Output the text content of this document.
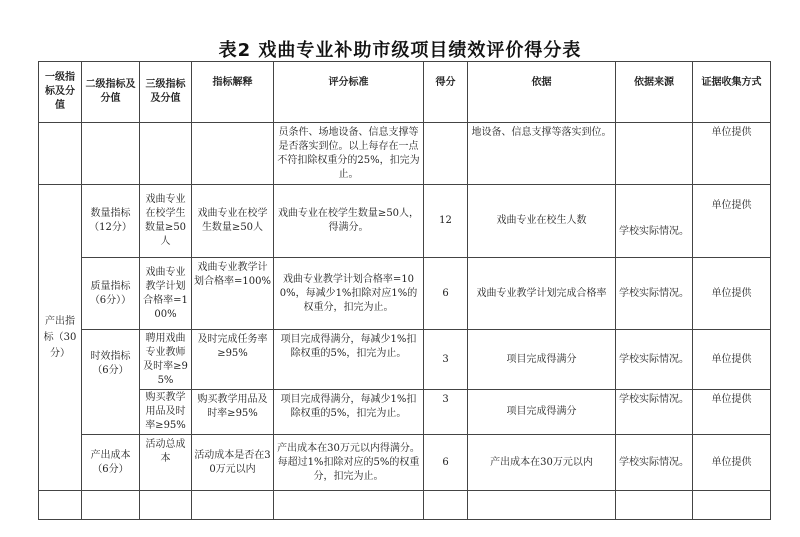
表2 戏曲专业补助市级项目绩效评价得分表
一级指标及分值	二级指标及分值	三级指标及分值	指标解释	评分标准	得分	依据	依据来源	证据收集方式
				员条件、场地设备、信息支撑等是否落实到位。以上每存在一点不符扣除权重分的25%，扣完为止。		地设备、信息支撑等落实到位。		单位提供
产出指标（30分）	数量指标（12分）	戏曲专业在校学生数量≥50人	戏曲专业在校学生数量≥50人	戏曲专业在校学生数量≥50人，得满分。	12	戏曲专业在校生人数	学校实际情况。	单位提供
	质量指标（6分））	戏曲专业教学计划合格率=100%	戏曲专业教学计划合格率=100%	戏曲专业教学计划合格率=100%，每减少1%扣除对应1%的权重分，扣完为止。	6	戏曲专业教学计划完成合格率	学校实际情况。	单位提供
	时效指标（6分）	聘用戏曲专业教师及时率≥95%	及时完成任务率≥95%	项目完成得满分，每减少1%扣除权重的5%，扣完为止。	3	项目完成得满分	学校实际情况。	单位提供
		购买教学用品及时率≥95%	购买教学用品及时率≥95%	项目完成得满分，每减少1%扣除权重的5%，扣完为止。	3	项目完成得满分	学校实际情况。	单位提供
	产出成本（6分）	活动总成本	活动成本是否在30万元以内	产出成本在30万元以内得满分。每超过1%扣除对应的5%的权重分，扣完为止。	6	产出成本在30万元以内	学校实际情况。	单位提供
